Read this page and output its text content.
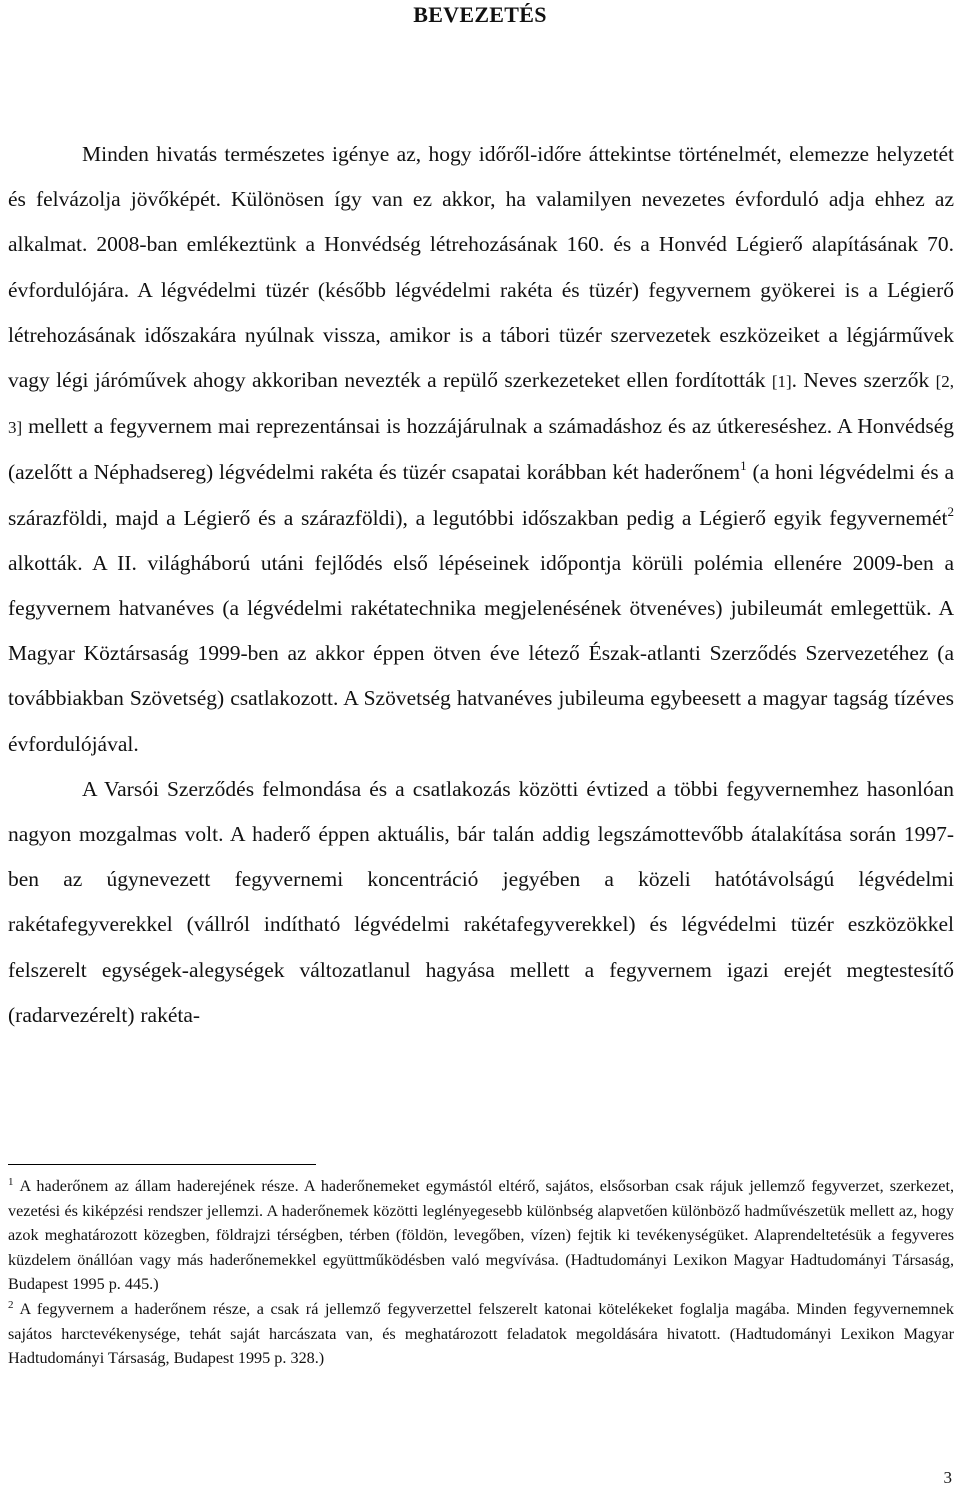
BEVEZETÉS

Minden hivatás természetes igénye az, hogy időről-időre áttekintse történelmét, elemezze helyzetét és felvázolja jövőképét. Különösen így van ez akkor, ha valamilyen nevezetes évforduló adja ehhez az alkalmat. 2008-ban emlékeztünk a Honvédség létrehozásának 160. és a Honvéd Légierő alapításának 70. évfordulójára. A légvédelmi tüzér (később légvédelmi rakéta és tüzér) fegyvernem gyökerei is a Légierő létrehozásának időszakára nyúlnak vissza, amikor is a tábori tüzér szervezetek eszközeiket a légjárművek vagy légi járóművek ahogy akkoriban nevezték a repülő szerkezeteket ellen fordították [1]. Neves szerzők [2, 3] mellett a fegyvernem mai reprezentánsai is hozzájárulnak a számadáshoz és az útkereséshez. A Honvédség (azelőtt a Néphadsereg) légvédelmi rakéta és tüzér csapatai korábban két haderőnem$^1$ (a honi légvédelmi és a szárazföldi, majd a Légierő és a szárazföldi), a legutóbbi időszakban pedig a Légierő egyik fegyvernemét$^2$ alkották. A II. világháború utáni fejlődés első lépéseinek időpontja körüli polémia ellenére 2009-ben a fegyvernem hatvanéves (a légvédelmi rakétatechnika megjelenésének ötvenéves) jubileumát emlegettük. A Magyar Köztársaság 1999-ben az akkor éppen ötven éve létező Észak-atlanti Szerződés Szervezetéhez (a továbbiakban Szövetség) csatlakozott. A Szövetség hatvanéves jubileuma egybeesett a magyar tagság tízéves évfordulójával.

A Varsói Szerződés felmondása és a csatlakozás közötti évtized a többi fegyvernemhez hasonlóan nagyon mozgalmas volt. A haderő éppen aktuális, bár talán addig legszámottevőbb átalakítása során 1997-ben az úgynevezett fegyvernemi koncentráció jegyében a közeli hatótávolságú légvédelmi rakétafegyverekkel (vállról indítható légvédelmi rakétafegyverekkel) és légvédelmi tüzér eszközökkel felszerelt egységek-alegységek változatlanul hagyása mellett a fegyvernem igazi erejét megtestesítő (radarvezérelt) rakéta-

$^1$ A haderőnem az állam haderejének része. A haderőnemeket egymástól eltérő, sajátos, elsősorban csak rájuk jellemző fegyverzet, szerkezet, vezetési és kiképzési rendszer jellemzi. A haderőnemek közötti leglényegesebb különbség alapvetően különböző hadművészetük mellett az, hogy azok meghatározott közegben, földrajzi térségben, térben (földön, levegőben, vízen) fejtik ki tevékenységüket. Alaprendeltetésük a fegyveres küzdelem önállóan vagy más haderőnemekkel együttműködésben való megvívása. (Hadtudományi Lexikon Magyar Hadtudományi Társaság, Budapest 1995 p. 445.)

$^2$ A fegyvernem a haderőnem része, a csak rá jellemző fegyverzettel felszerelt katonai kötelékeket foglalja magába. Minden fegyvernemnek sajátos harctevékenysége, tehát saját harcászata van, és meghatározott feladatok megoldására hivatott. (Hadtudományi Lexikon Magyar Hadtudományi Társaság, Budapest 1995 p. 328.)

3
